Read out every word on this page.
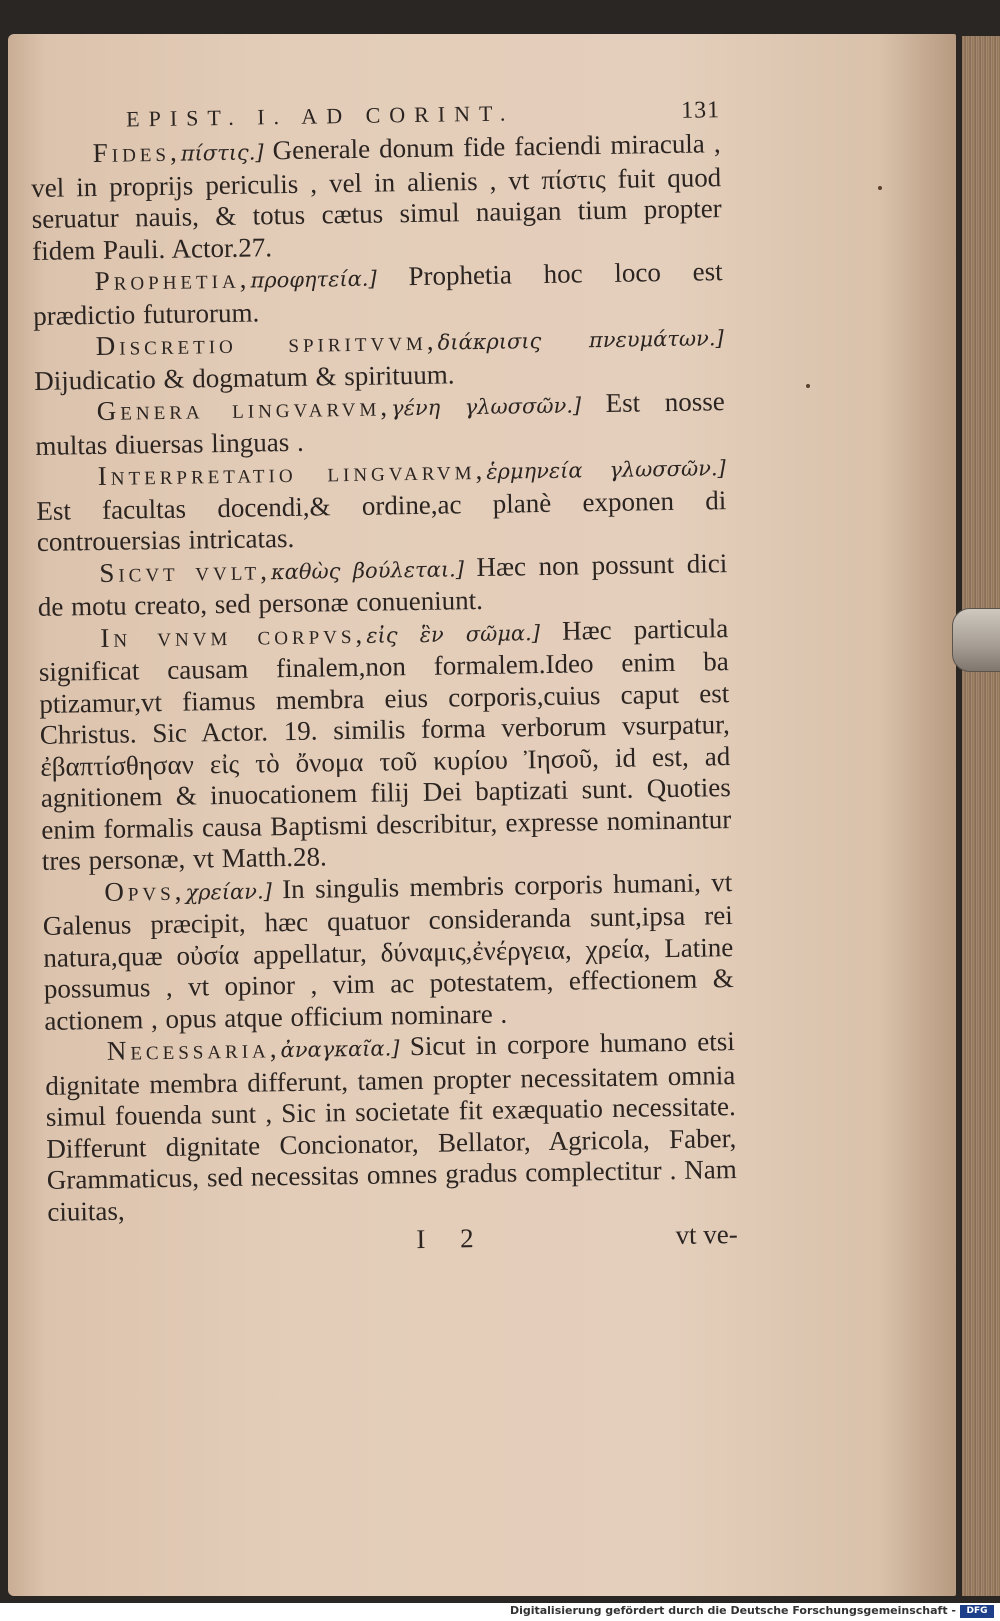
EPIST. I. AD CORINT.	131

Fides,πίστις.] Generale donum fide faciendi miracula , vel in proprijs periculis , vel in alienis , vt πίστις fuit quod seruatur nauis, & totus cætus simul nauigan tium propter fidem Pauli. Actor.27.

Prophetia,προφητεία.] Prophetia hoc loco est prædictio futurorum.

Discretio spiritvvm,διάκρισις πνευμάτων.] Dijudicatio & dogmatum & spirituum.

Genera lingvarvm,γένη γλωσσῶν.] Est nosse multas diuersas linguas .

Interpretatio lingvarvm,ἑρμηνεία γλωσσῶν.] Est facultas docendi,& ordine,ac planè exponen di controuersias intricatas.

Sicvt vvlt,καθὼς βούλεται.] Hæc non possunt dici de motu creato, sed personæ conueniunt.

In vnvm corpvs,εἰς ἓν σῶμα.] Hæc particula significat causam finalem,non formalem.Ideo enim ba ptizamur,vt fiamus membra eius corporis,cuius caput est Christus. Sic Actor. 19. similis forma verborum vsurpatur, ἐβαπτίσθησαν εἰς τὸ ὄνομα τοῦ κυρίου Ἰησοῦ, id est, ad agnitionem & inuocationem filij Dei baptizati sunt. Quoties enim formalis causa Baptismi describitur, expresse nominantur tres personæ, vt Matth.28.

Opvs,χρείαν.] In singulis membris corporis humani, vt Galenus præcipit, hæc quatuor consideranda sunt,ipsa rei natura,quæ οὐσία appellatur, δύναμις,ἐνέργεια, χρεία, Latine possumus , vt opinor , vim ac potestatem, effectionem & actionem , opus atque officium nominare .

Necessaria,ἀναγκαῖα.] Sicut in corpore humano etsi dignitate membra differunt, tamen propter necessitatem omnia simul fouenda sunt , Sic in societate fit exæquatio necessitate. Differunt dignitate Concionator, Bellator, Agricola, Faber, Grammaticus, sed necessitas omnes gradus complectitur . Nam ciuitas,

I 2	vt ve-
Digitalisierung gefördert durch die Deutsche Forschungsgemeinschaft -	DFG
